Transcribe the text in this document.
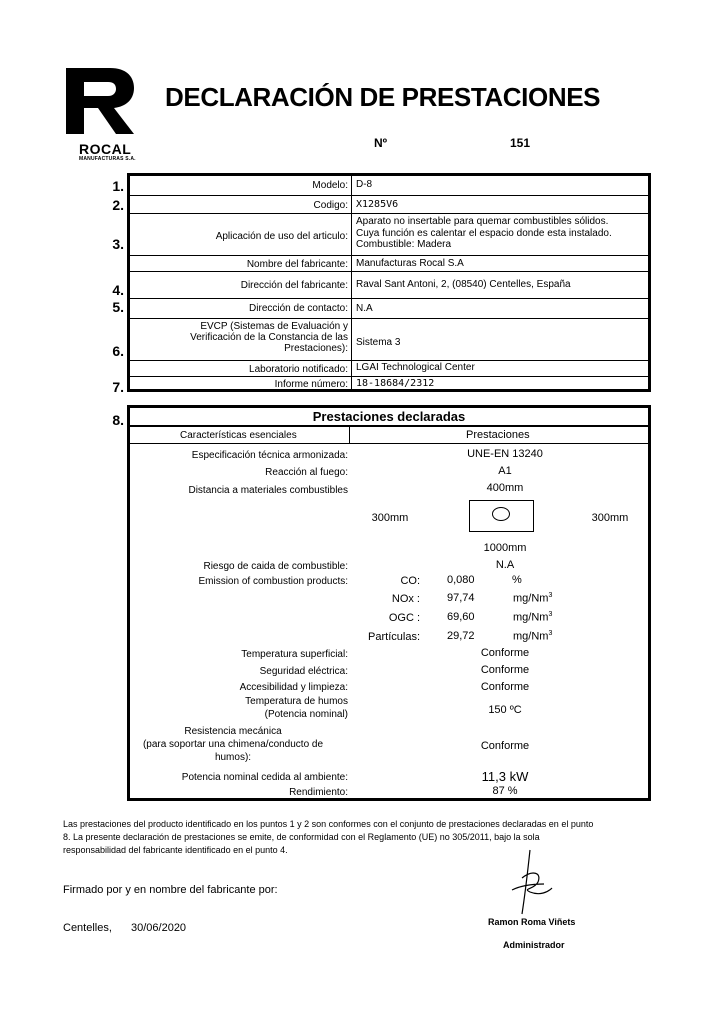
ROCAL
MANUFACTURAS S.A.
DECLARACIÓN DE PRESTACIONES
Nº	151
1.
2.
3.
4.
5.
6.
7.
8.
Modelo: D-8
Codigo: X1285V6
Aplicación de uso del articulo:
Aparato no insertable para quemar combustibles sólidos.
Cuya función es calentar el espacio donde esta instalado.
Combustible: Madera
Nombre del fabricante: Manufacturas Rocal S.A
Dirección del fabricante: Raval Sant Antoni, 2, (08540) Centelles, España
Dirección de contacto: N.A
EVCP (Sistemas de Evaluación y
Verificación de la Constancia de las
Prestaciones):
Sistema 3
Laboratorio notificado: LGAI Technological Center
Informe número: 18-18684/2312
Prestaciones declaradas
Características esenciales	Prestaciones
Especificación técnica armonizada:	UNE-EN 13240
Reacción al fuego:	A1
Distancia a materiales combustibles	400mm
300mm	300mm
1000mm
Riesgo de caida de combustible:	N.A
Emission of combustion products:	CO: 0,080	%
NOx : 97,74	mg/Nm$^3$
OGC : 69,60	mg/Nm$^3$
Partículas: 29,72	mg/Nm$^3$
Temperatura superficial:	Conforme
Seguridad eléctrica:	Conforme
Accesibilidad y limpieza:	Conforme
Temperatura de humos
(Potencia nominal)	150 ºC
Resistencia mecánica
(para soportar una chimena/conducto de
humos):
Conforme
Potencia nominal cedida al ambiente:	11,3 kW
Rendimiento:	87 %
Las prestaciones del producto identificado en los puntos 1 y 2 son conformes con el conjunto de prestaciones declaradas en el punto
8. La presente declaración de prestaciones se emite, de conformidad con el Reglamento (UE) no 305/2011, bajo la sola
responsabilidad del fabricante identificado en el punto 4.
Firmado por y en nombre del fabricante por:
Centelles, 30/06/2020	Ramon Roma Viñets
Administrador
